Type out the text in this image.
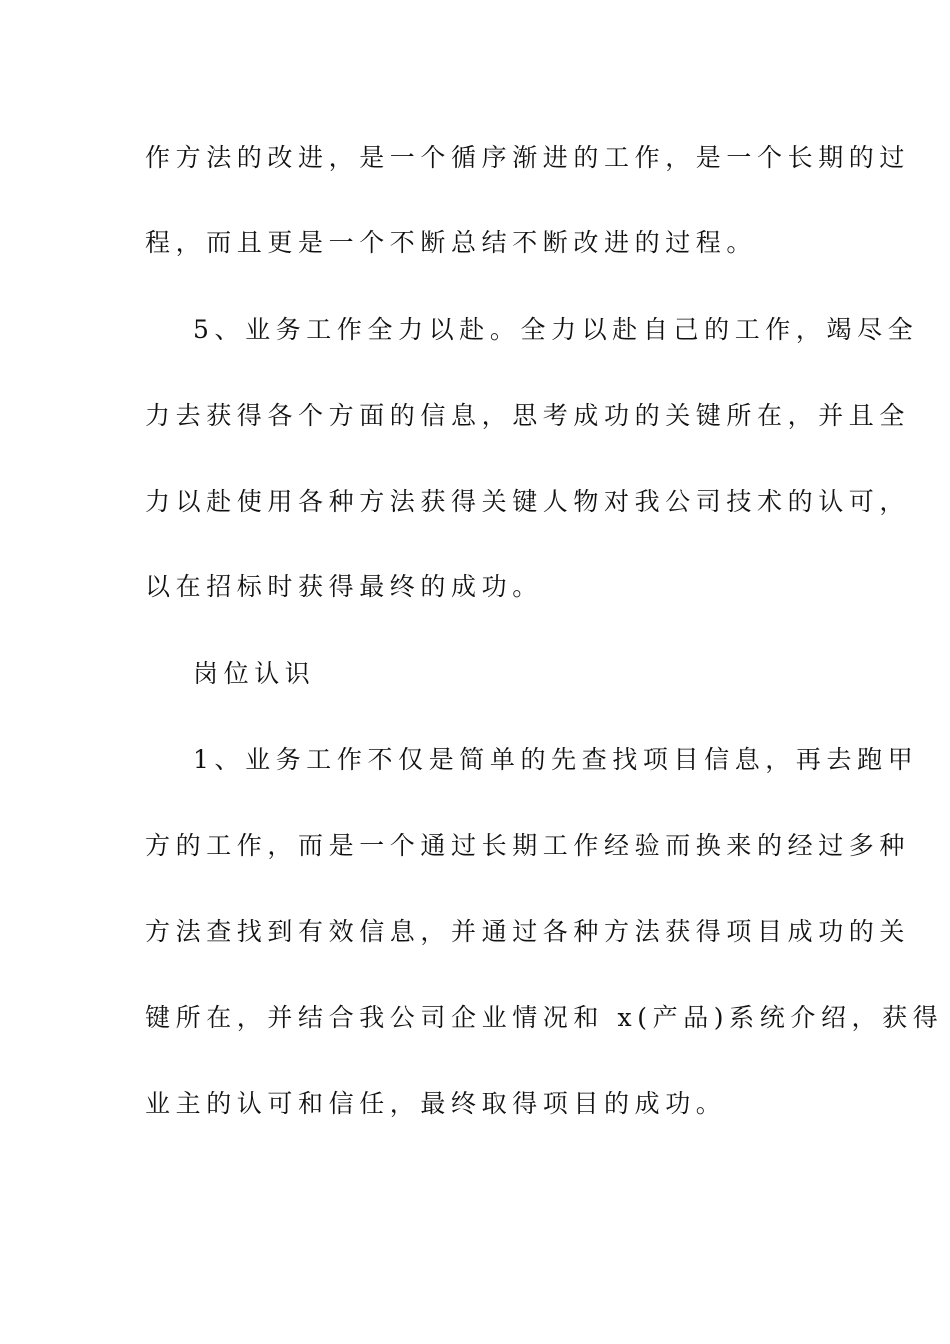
作方法的改进，是一个循序渐进的工作，是一个长期的过
程，而且更是一个不断总结不断改进的过程。
5、业务工作全力以赴。全力以赴自己的工作，竭尽全
力去获得各个方面的信息，思考成功的关键所在，并且全
力以赴使用各种方法获得关键人物对我公司技术的认可，
以在招标时获得最终的成功。
岗位认识
1、业务工作不仅是简单的先查找项目信息，再去跑甲
方的工作，而是一个通过长期工作经验而换来的经过多种
方法查找到有效信息，并通过各种方法获得项目成功的关
键所在，并结合我公司企业情况和 x(产品)系统介绍，获得
业主的认可和信任，最终取得项目的成功。
